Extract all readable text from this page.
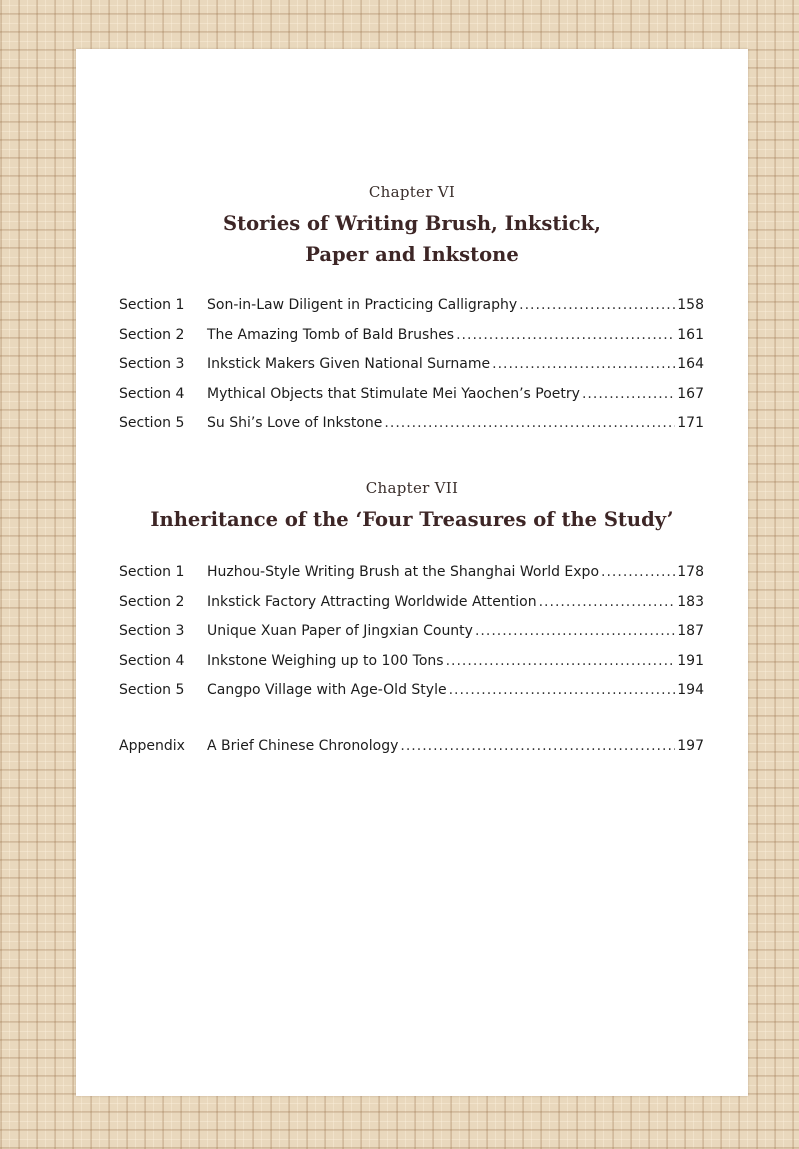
Chapter VI
Stories of Writing Brush, Inkstick,
Paper and Inkstone
Section 1	Son-in-Law Diligent in Practicing Calligraphy .....	158
Section 2	The Amazing Tomb of Bald Brushes .....	161
Section 3	Inkstick Makers Given National Surname .....	164
Section 4	Mythical Objects that Stimulate Mei Yaochen’s Poetry .....	167
Section 5	Su Shi’s Love of Inkstone .....	171
Chapter VII
Inheritance of the ‘Four Treasures of the Study’
Section 1	Huzhou-Style Writing Brush at the Shanghai World Expo .....	178
Section 2	Inkstick Factory Attracting Worldwide Attention .....	183
Section 3	Unique Xuan Paper of Jingxian County .....	187
Section 4	Inkstone Weighing up to 100 Tons .....	191
Section 5	Cangpo Village with Age-Old Style .....	194
Appendix	A Brief Chinese Chronology .....	197
